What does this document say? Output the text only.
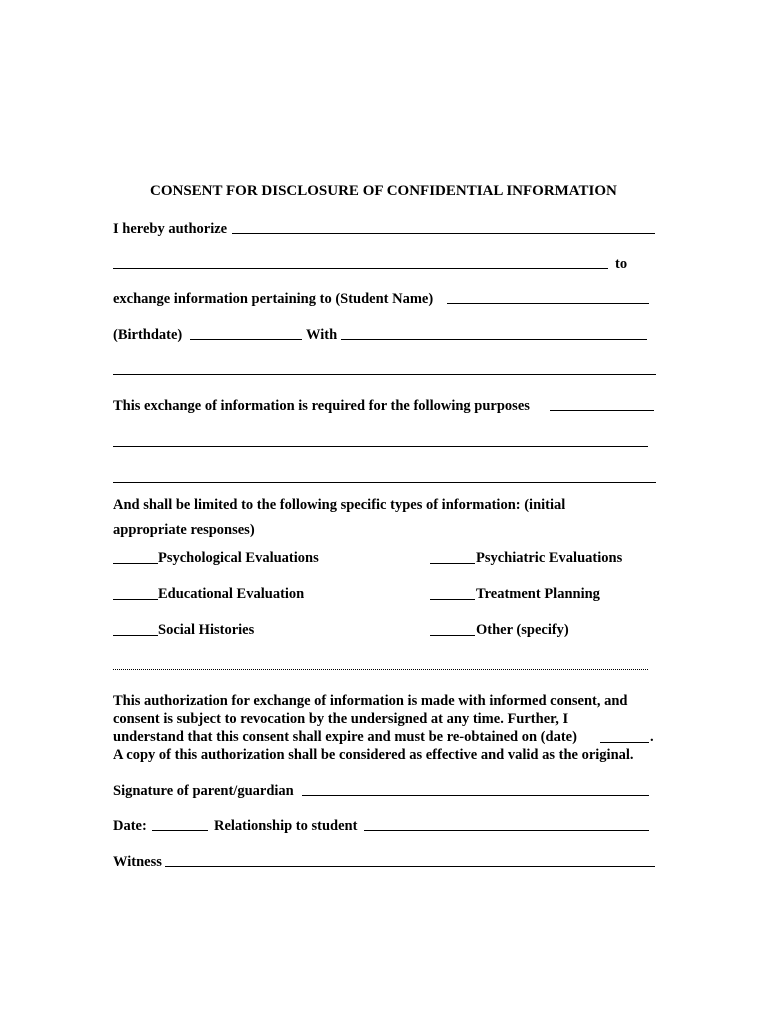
CONSENT FOR DISCLOSURE OF CONFIDENTIAL INFORMATION
I hereby authorize
to
exchange information pertaining to (Student Name)
(Birthdate)	With
This exchange of information is required for the following purposes
And shall be limited to the following specific types of information: (initial
appropriate responses)
Psychological Evaluations	Psychiatric Evaluations
Educational Evaluation	Treatment Planning
Social Histories	Other (specify)
This authorization for exchange of information is made with informed consent, and
consent is subject to revocation by the undersigned at any time. Further, I
understand that this consent shall expire and must be re-obtained on (date)	.
A copy of this authorization shall be considered as effective and valid as the original.
Signature of parent/guardian
Date:	Relationship to student
Witness
